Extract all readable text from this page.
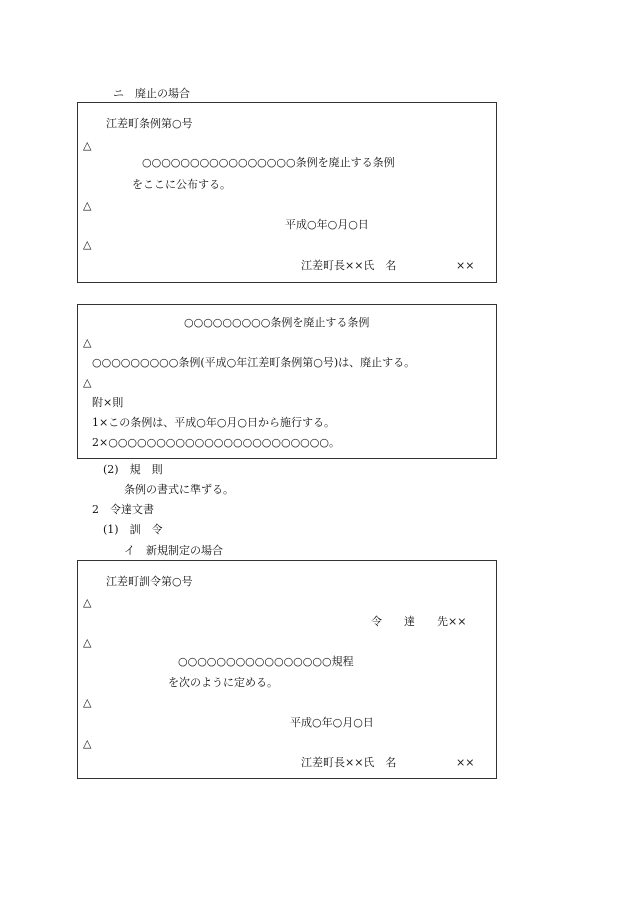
ニ　廃止の場合
江差町条例第○号
△
○○○○○○○○○○○○○○○○条例を廃止する条例
をここに公布する。
△
平成○年○月○日
△
江差町長××氏　名	××
○○○○○○○○○条例を廃止する条例
△
○○○○○○○○○条例(平成○年江差町条例第○号)は、廃止する。
△
附×則
1×この条例は、平成○年○月○日から施行する。
2×○○○○○○○○○○○○○○○○○○○○○○○。
(2)　規　則
条例の書式に準ずる。
2　令達文書
(1)　訓　令
イ　新規制定の場合
江差町訓令第○号
△
令　　達　　先××
△
○○○○○○○○○○○○○○○○規程
を次のように定める。
△
平成○年○月○日
△
江差町長××氏　名	××
